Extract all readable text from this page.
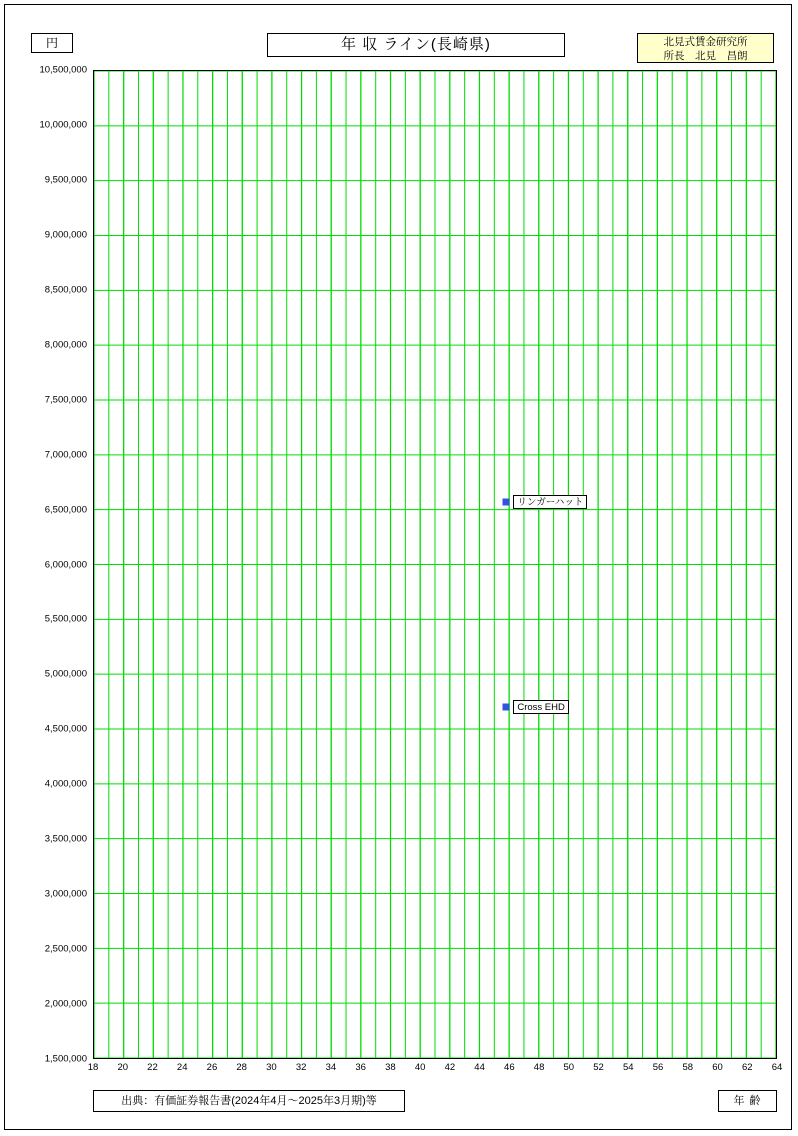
円	年 収 ライン(長崎県)	北見式賃金研究所
所長　北見　昌朗
1,500,000
2,000,000
2,500,000
3,000,000
3,500,000
4,000,000
4,500,000
5,000,000
5,500,000
6,000,000
6,500,000
7,000,000
7,500,000
8,000,000
8,500,000
9,000,000
9,500,000
10,000,000
10,500,000
18	20	22	24	26	28	30	32	34	36	38	40	42	44	46	48	50	52	54	56	58	60	62	64
リンガーハット
Cross EHD
出典：有価証券報告書(2024年4月～2025年3月期)等	年 齢
